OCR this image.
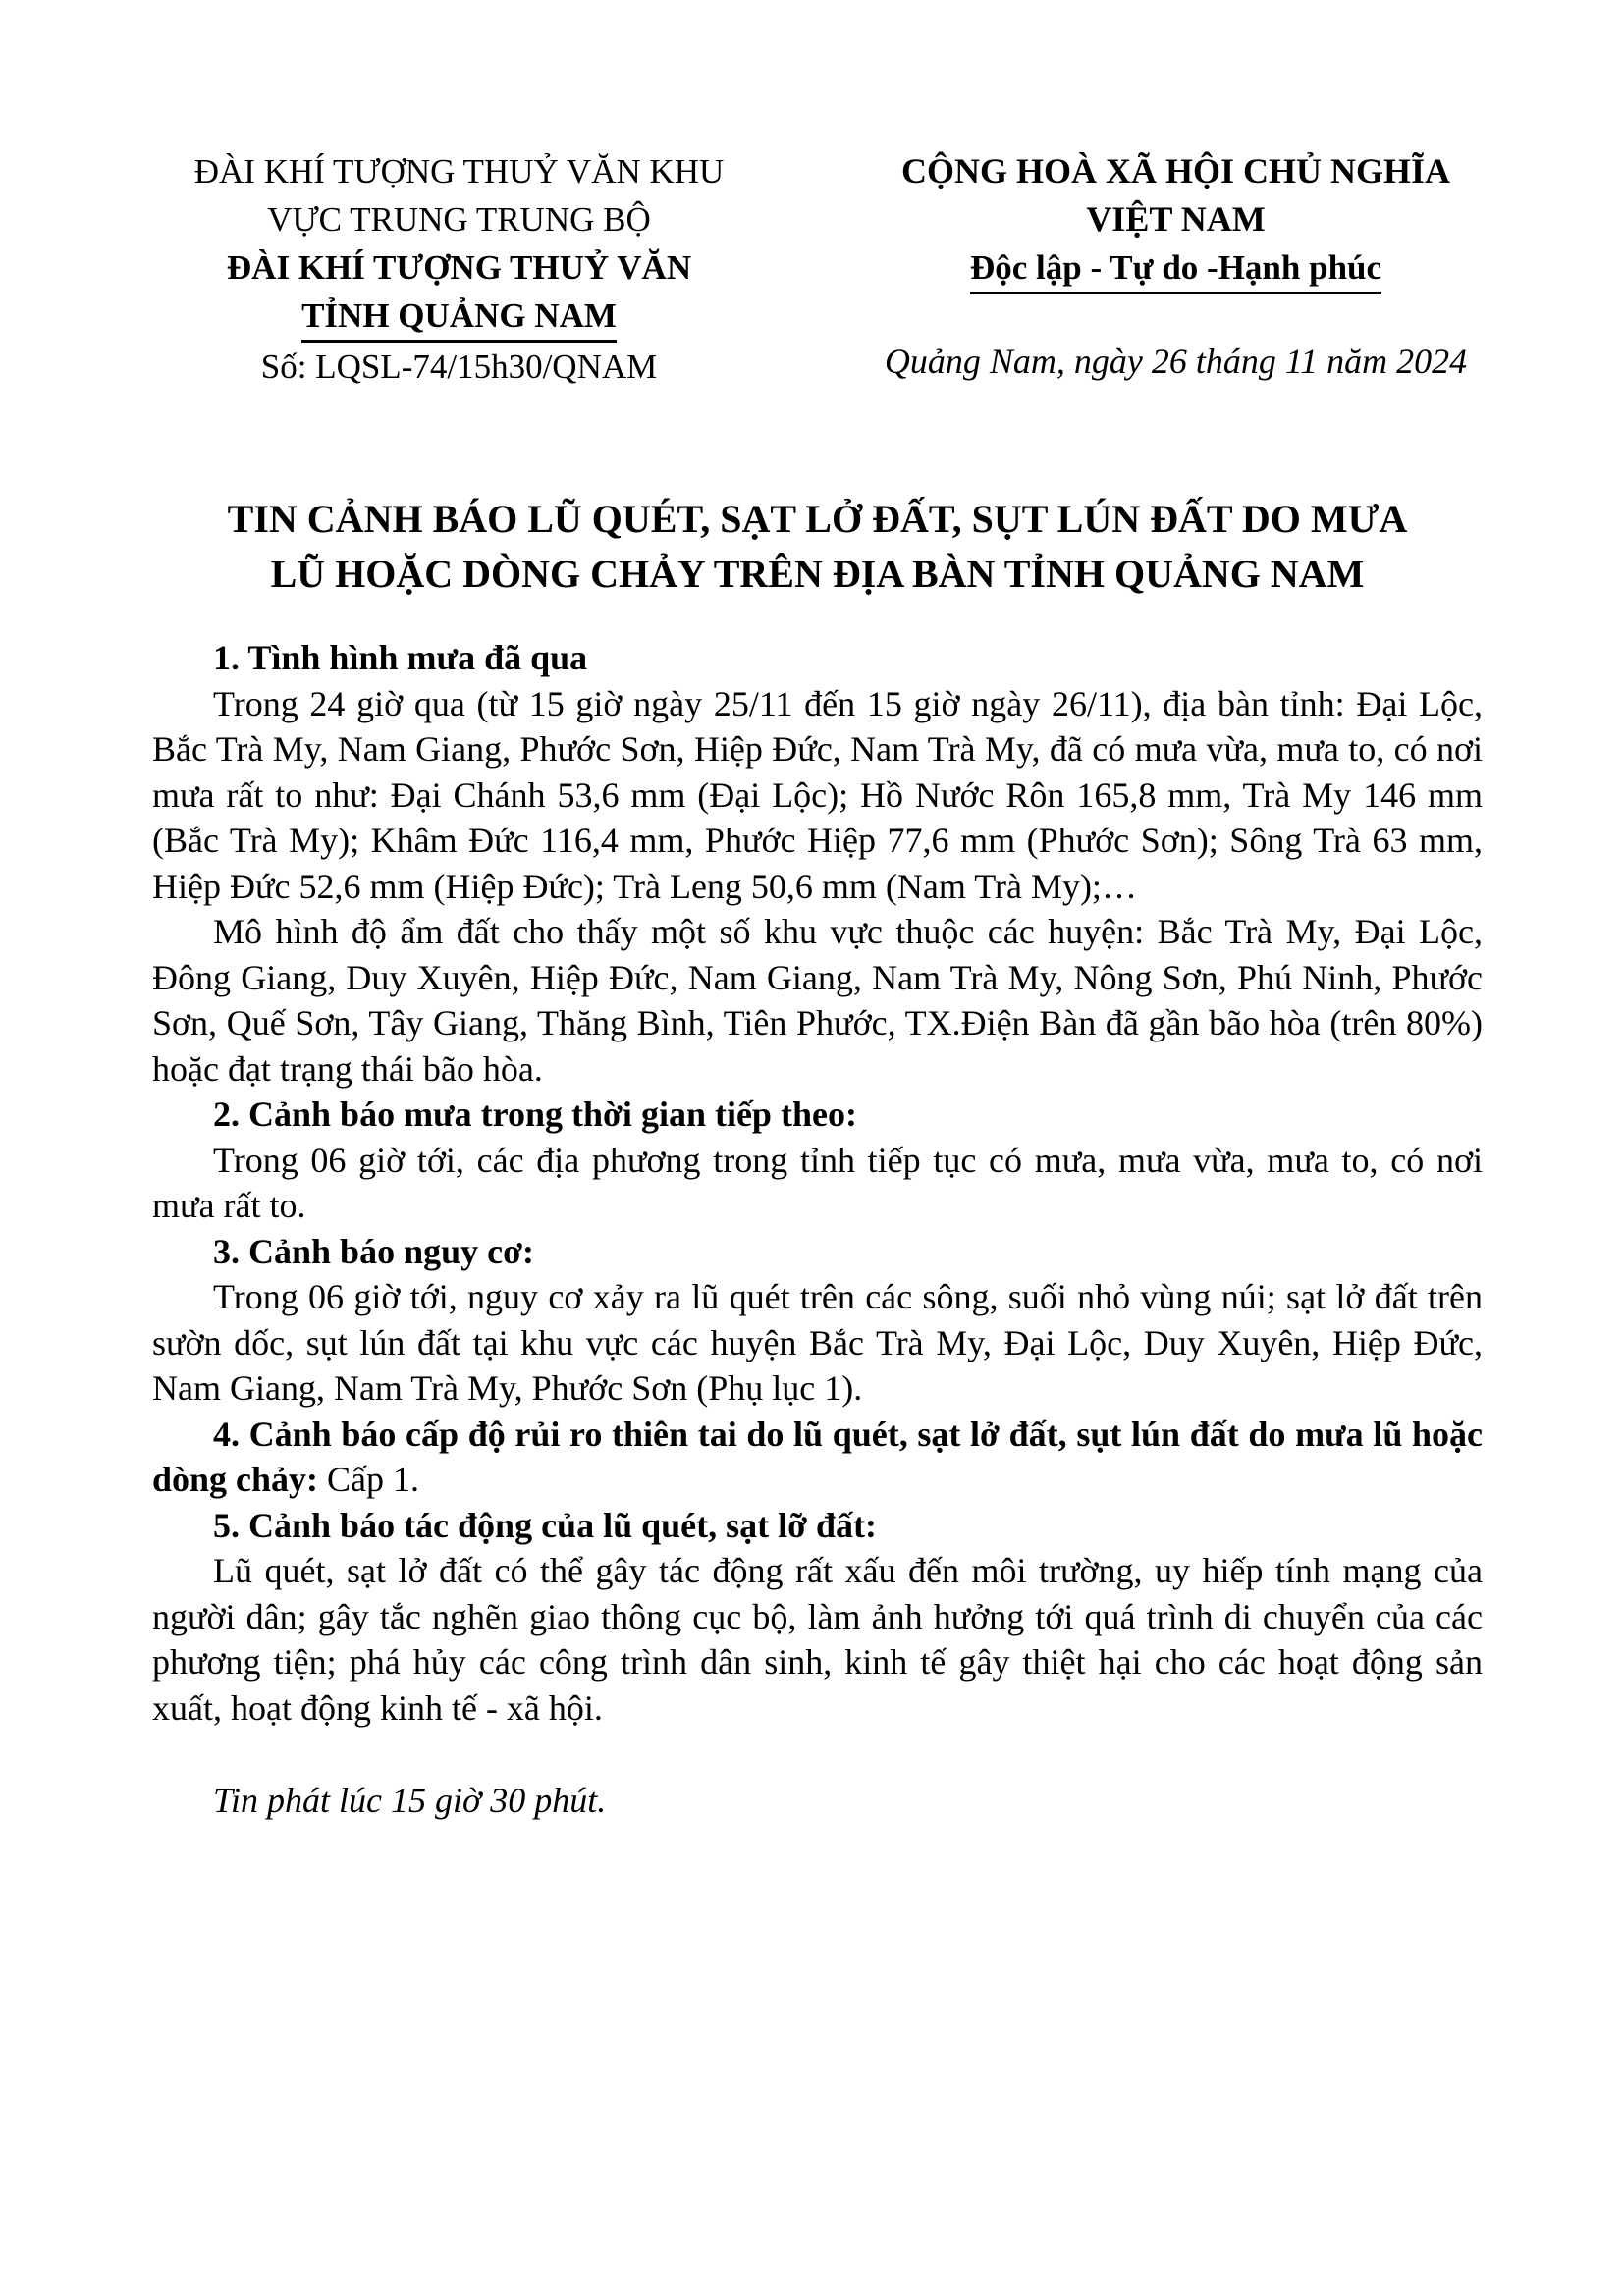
ĐÀI KHÍ TƯỢNG THUỶ VĂN KHU
VỰC TRUNG TRUNG BỘ
ĐÀI KHÍ TƯỢNG THUỶ VĂN
TỈNH QUẢNG NAM
Số: LQSL-74/15h30/QNAM
CỘNG HOÀ XÃ HỘI CHỦ NGHĨA VIỆT NAM
Độc lập - Tự do -Hạnh phúc
Quảng Nam, ngày 26 tháng 11 năm 2024
TIN CẢNH BÁO LŨ QUÉT, SẠT LỞ ĐẤT, SỤT LÚN ĐẤT DO MƯA
LŨ HOẶC DÒNG CHẢY TRÊN ĐỊA BÀN TỈNH QUẢNG NAM

1. Tình hình mưa đã qua

Trong 24 giờ qua (từ 15 giờ ngày 25/11 đến 15 giờ ngày 26/11), địa bàn tỉnh: Đại Lộc, Bắc Trà My, Nam Giang, Phước Sơn, Hiệp Đức, Nam Trà My, đã có mưa vừa, mưa to, có nơi mưa rất to như: Đại Chánh 53,6 mm (Đại Lộc); Hồ Nước Rôn 165,8 mm, Trà My 146 mm (Bắc Trà My); Khâm Đức 116,4 mm, Phước Hiệp 77,6 mm (Phước Sơn); Sông Trà 63 mm, Hiệp Đức 52,6 mm (Hiệp Đức); Trà Leng 50,6 mm (Nam Trà My);…

Mô hình độ ẩm đất cho thấy một số khu vực thuộc các huyện: Bắc Trà My, Đại Lộc, Đông Giang, Duy Xuyên, Hiệp Đức, Nam Giang, Nam Trà My, Nông Sơn, Phú Ninh, Phước Sơn, Quế Sơn, Tây Giang, Thăng Bình, Tiên Phước, TX.Điện Bàn đã gần bão hòa (trên 80%) hoặc đạt trạng thái bão hòa.

2. Cảnh báo mưa trong thời gian tiếp theo:

Trong 06 giờ tới, các địa phương trong tỉnh tiếp tục có mưa, mưa vừa, mưa to, có nơi mưa rất to.

3. Cảnh báo nguy cơ:

Trong 06 giờ tới, nguy cơ xảy ra lũ quét trên các sông, suối nhỏ vùng núi; sạt lở đất trên sườn dốc, sụt lún đất tại khu vực các huyện Bắc Trà My, Đại Lộc, Duy Xuyên, Hiệp Đức, Nam Giang, Nam Trà My, Phước Sơn (Phụ lục 1).

4. Cảnh báo cấp độ rủi ro thiên tai do lũ quét, sạt lở đất, sụt lún đất do mưa lũ hoặc dòng chảy: Cấp 1.

5. Cảnh báo tác động của lũ quét, sạt lỡ đất:

Lũ quét, sạt lở đất có thể gây tác động rất xấu đến môi trường, uy hiếp tính mạng của người dân; gây tắc nghẽn giao thông cục bộ, làm ảnh hưởng tới quá trình di chuyển của các phương tiện; phá hủy các công trình dân sinh, kinh tế gây thiệt hại cho các hoạt động sản xuất, hoạt động kinh tế - xã hội.

Tin phát lúc 15 giờ 30 phút.
